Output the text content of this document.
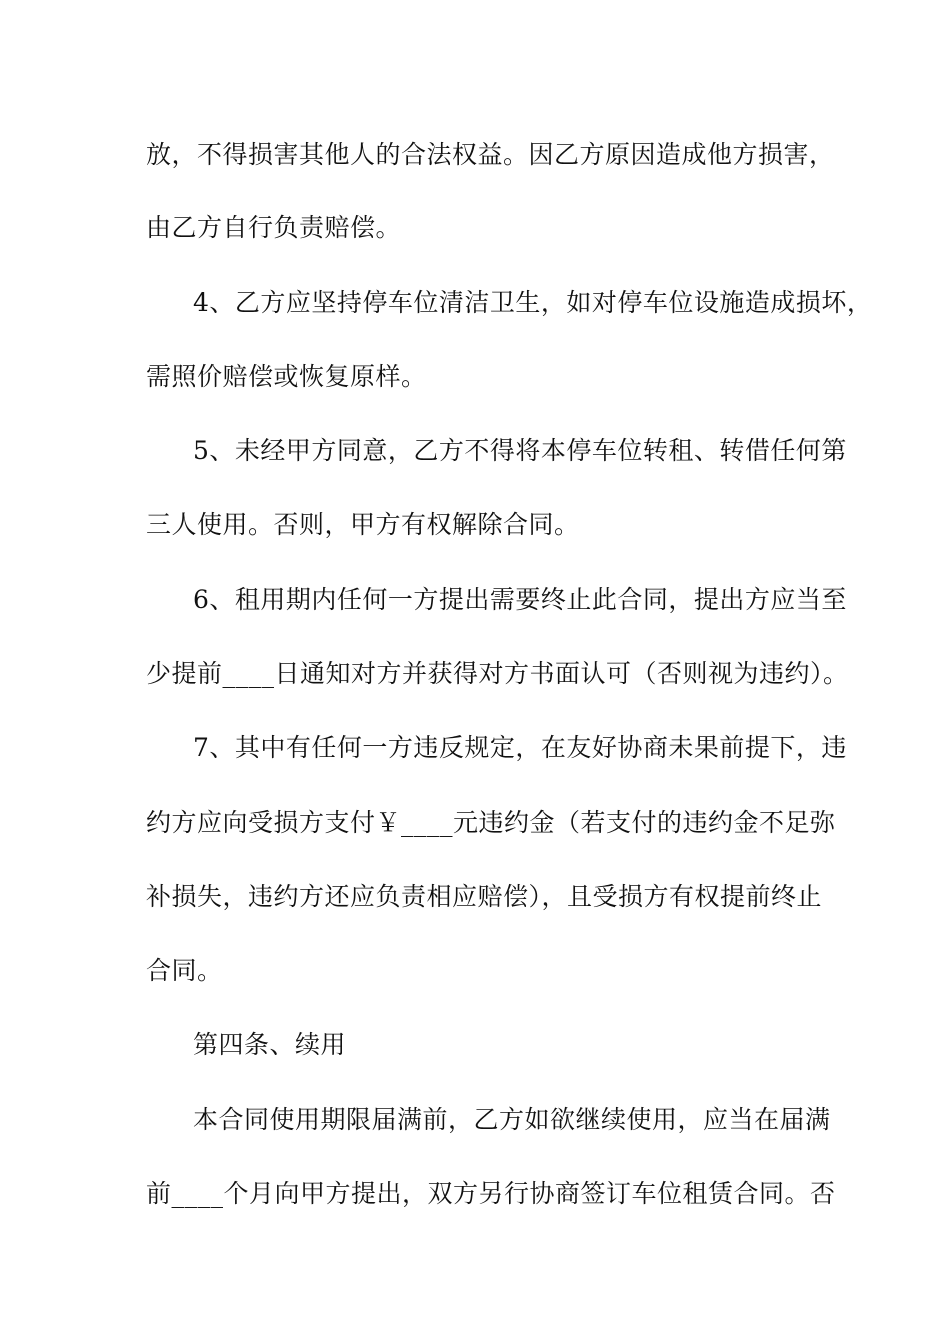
放，不得损害其他人的合法权益。因乙方原因造成他方损害，
由乙方自行负责赔偿。
4、乙方应坚持停车位清洁卫生，如对停车位设施造成损坏，
需照价赔偿或恢复原样。
5、未经甲方同意，乙方不得将本停车位转租、转借任何第
三人使用。否则，甲方有权解除合同。
6、租用期内任何一方提出需要终止此合同，提出方应当至
少提前____日通知对方并获得对方书面认可（否则视为违约）。
7、其中有任何一方违反规定，在友好协商未果前提下，违
约方应向受损方支付￥____元违约金（若支付的违约金不足弥
补损失，违约方还应负责相应赔偿），且受损方有权提前终止
合同。
第四条、续用
本合同使用期限届满前，乙方如欲继续使用，应当在届满
前____个月向甲方提出，双方另行协商签订车位租赁合同。否
